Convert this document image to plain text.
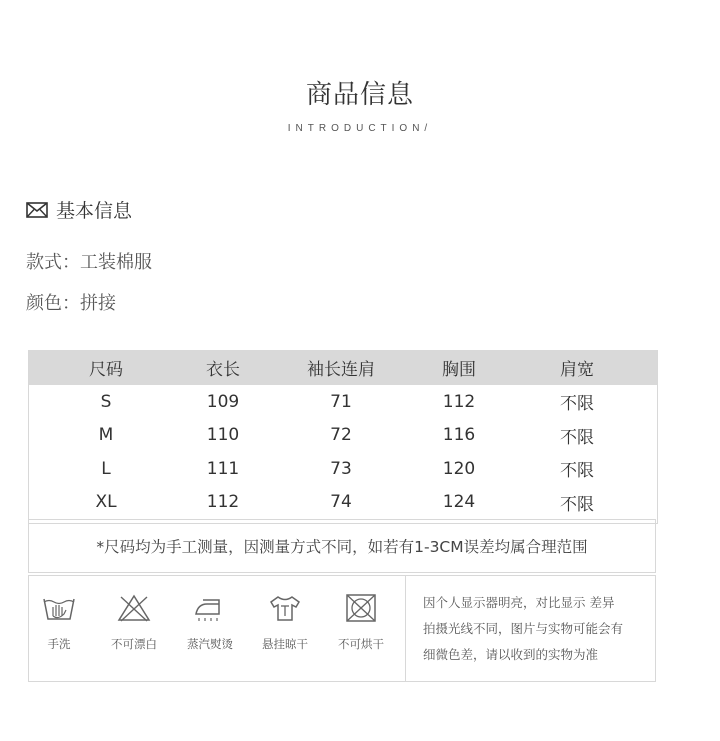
商品信息
INTRODUCTION/
基本信息
款式：工装棉服
颜色：拼接
尺码	衣长	袖长连肩	胸围	肩宽
S	109	71	112	不限
M	110	72	116	不限
L	111	73	120	不限
XL	112	74	124	不限
*尺码均为手工测量，因测量方式不同，如若有1-3CM误差均属合理范围
手洗	不可漂白	蒸汽熨烫	悬挂晾干	不可烘干
因个人显示器明亮，对比显示 差异
拍摄光线不同，图片与实物可能会有
细微色差，请以收到的实物为准
